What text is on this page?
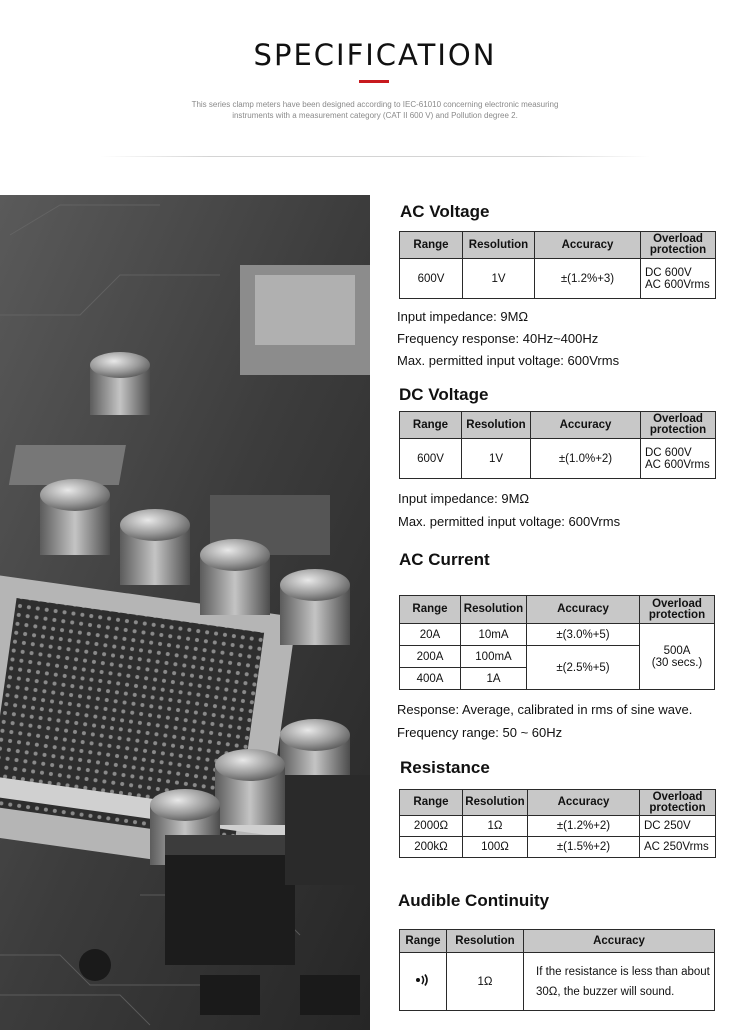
SPECIFICATION
This series clamp meters have been designed according to IEC-61010 concerning electronic measuring
instruments with a measurement category (CAT II 600 V) and Pollution degree 2.
AC Voltage
Range	Resolution	Accuracy	Overload
protection

600V	1V	±(1.2%+3)	DC 600V
AC 600Vrms
Input impedance: 9MΩ
Frequency response: 40Hz~400Hz
Max. permitted input voltage: 600Vrms
DC Voltage
Range	Resolution	Accuracy	Overload
protection

600V	1V	±(1.0%+2)	DC 600V
AC 600Vrms
Input impedance: 9MΩ
Max. permitted input voltage: 600Vrms
AC Current
Range	Resolution	Accuracy	Overload
protection

20A	10mA	±(3.0%+5)	500A
(30 secs.)

200A	100mA	±(2.5%+5)	
400A	1A		
Response: Average, calibrated in rms of sine wave.
Frequency range: 50 ~ 60Hz
Resistance
Range	Resolution	Accuracy	Overload
protection

2000Ω	1Ω	±(1.2%+2)	DC 250V
200kΩ	100Ω	±(1.5%+2)	AC 250Vrms
Audible Continuity
Range	Resolution	Accuracy
	1Ω	If the resistance is less than about
30Ω, the buzzer will sound.
